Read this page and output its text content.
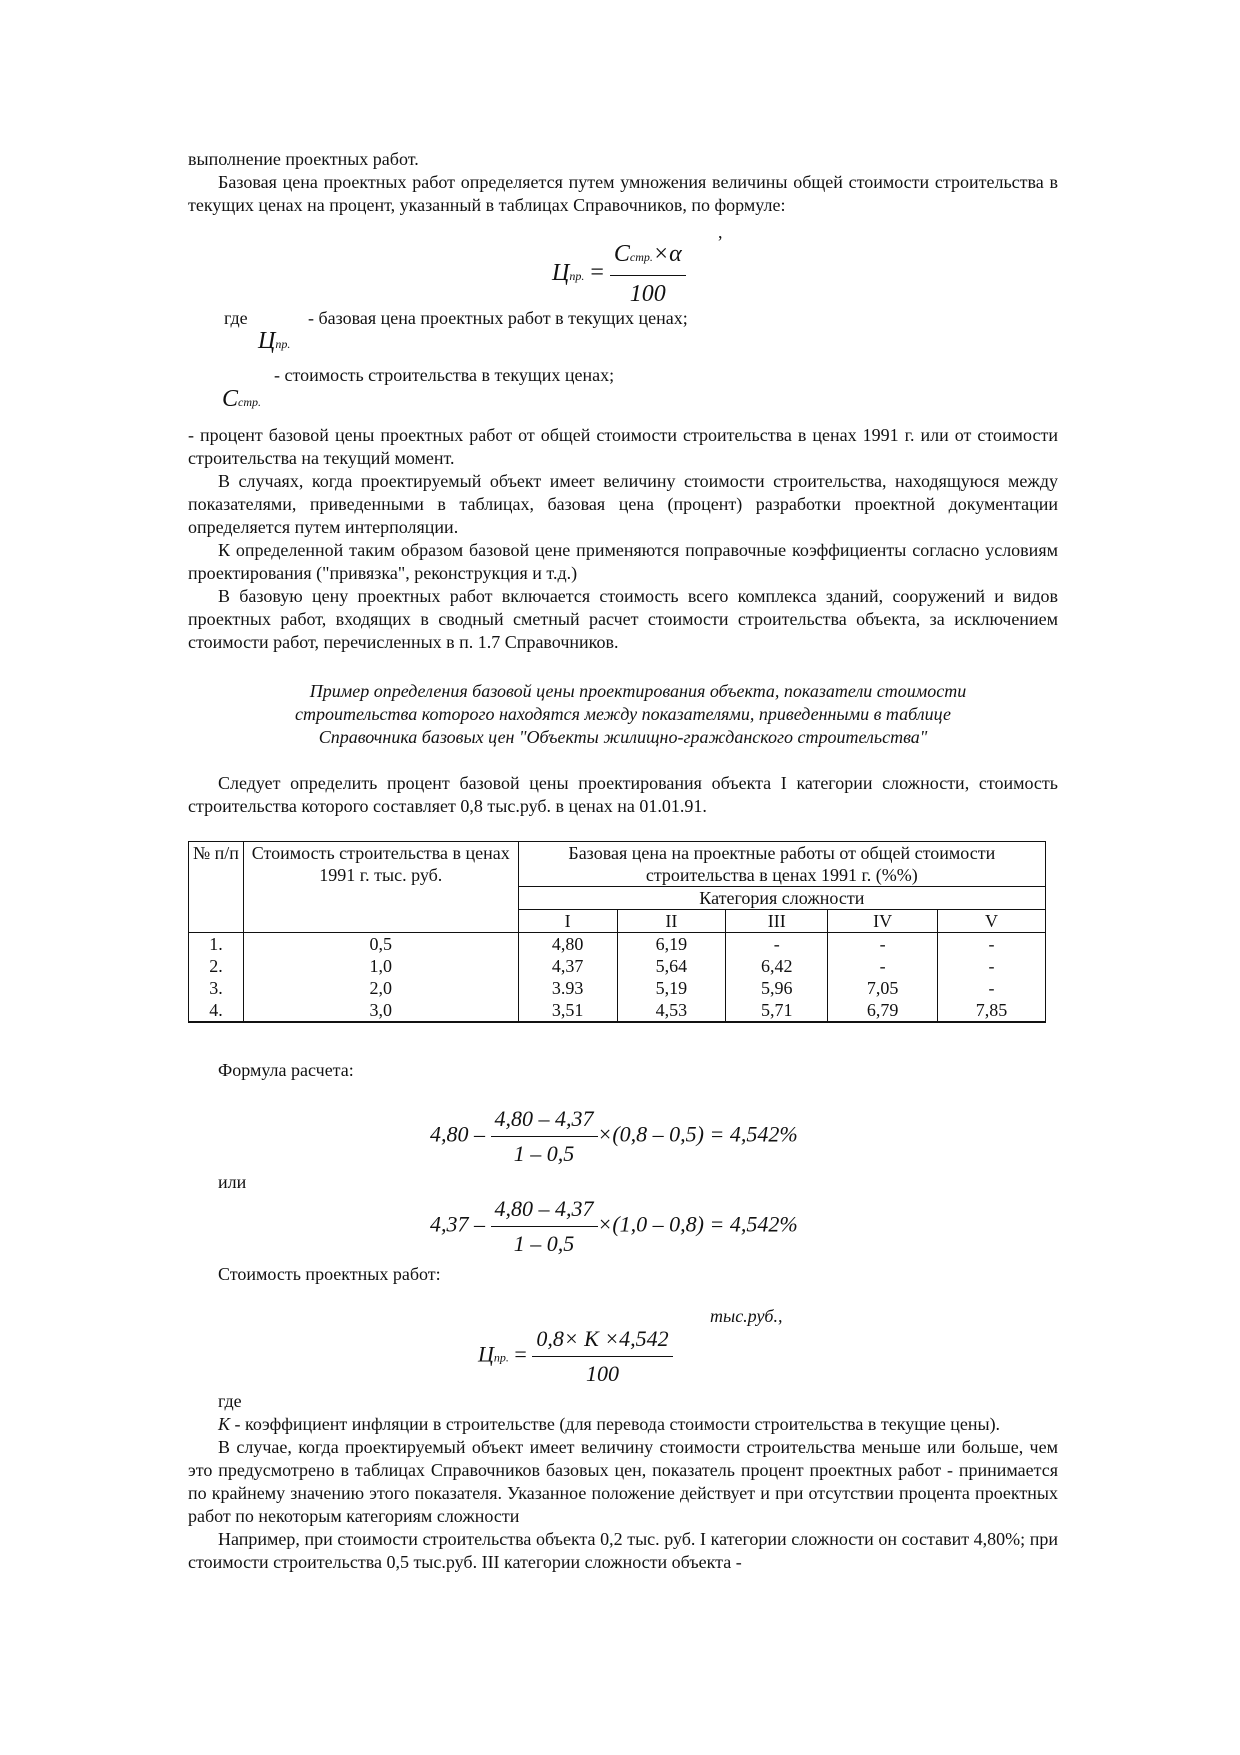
выполнение проектных работ.

Базовая цена проектных работ определяется путем умножения величины общей стоимости строительства в текущих ценах на процент, указанный в таблицах Справочников, по формуле:

Цпр. = $\frac{\text{Сстр.×α}}{100}$
,
где	- базовая цена проектных работ в текущих ценах;
Цпр.
- стоимость строительства в текущих ценах;
Сстр.

- процент базовой цены проектных работ от общей стоимости строительства в ценах 1991 г. или от стоимости строительства на текущий момент.

В случаях, когда проектируемый объект имеет величину стоимости строительства, находящуюся между показателями, приведенными в таблицах, базовая цена (процент) разработки проектной документации определяется путем интерполяции.

К определенной таким образом базовой цене применяются поправочные коэффициенты согласно условиям проектирования ("привязка", реконструкция и т.д.)

В базовую цену проектных работ включается стоимость всего комплекса зданий, сооружений и видов проектных работ, входящих в сводный сметный расчет стоимости строительства объекта, за исключением стоимости работ, перечисленных в п. 1.7 Справочников.

Пример определения базовой цены проектирования объекта, показатели стоимости
строительства которого находятся между показателями, приведенными в таблице
Справочника базовых цен "Объекты жилищно-гражданского строительства"

Следует определить процент базовой цены проектирования объекта I категории сложности, стоимость строительства которого составляет 0,8 тыс.руб. в ценах на 01.01.91.

№ п/п	Стоимость строительства в ценах 1991 г. тыс. руб.	Базовая цена на проектные работы от общей стоимости строительства в ценах 1991 г. (%%)				
		Категория сложности				
		I	II	III	IV	V
1.	0,5	4,80	6,19	-	-	-
2.	1,0	4,37	5,64	6,42	-	-
3.	2,0	3.93	5,19	5,96	7,05	-
4.	3,0	3,51	4,53	5,71	6,79	7,85
Формула расчета:
$4,80 - \frac{4,80 - 4,37}{1 - 0,5} \times(0,8 - 0,5) = 4,542\%$
или
$4,37 - \frac{4,80 - 4,37}{1 - 0,5} \times(1,0 - 0,8) = 4,542\%$
Стоимость проектных работ:
Цпр. = $\frac{0,8\times K \times 4,542}{100}$
тыс.руб.,

где

K - коэффициент инфляции в строительстве (для перевода стоимости строительства в текущие цены).

В случае, когда проектируемый объект имеет величину стоимости строительства меньше или больше, чем это предусмотрено в таблицах Справочников базовых цен, показатель процент проектных работ - принимается по крайнему значению этого показателя. Указанное положение действует и при отсутствии процента проектных работ по некоторым категориям сложности

Например, при стоимости строительства объекта 0,2 тыс. руб. I категории сложности он составит 4,80%; при стоимости строительства 0,5 тыс.руб. III категории сложности объекта -
